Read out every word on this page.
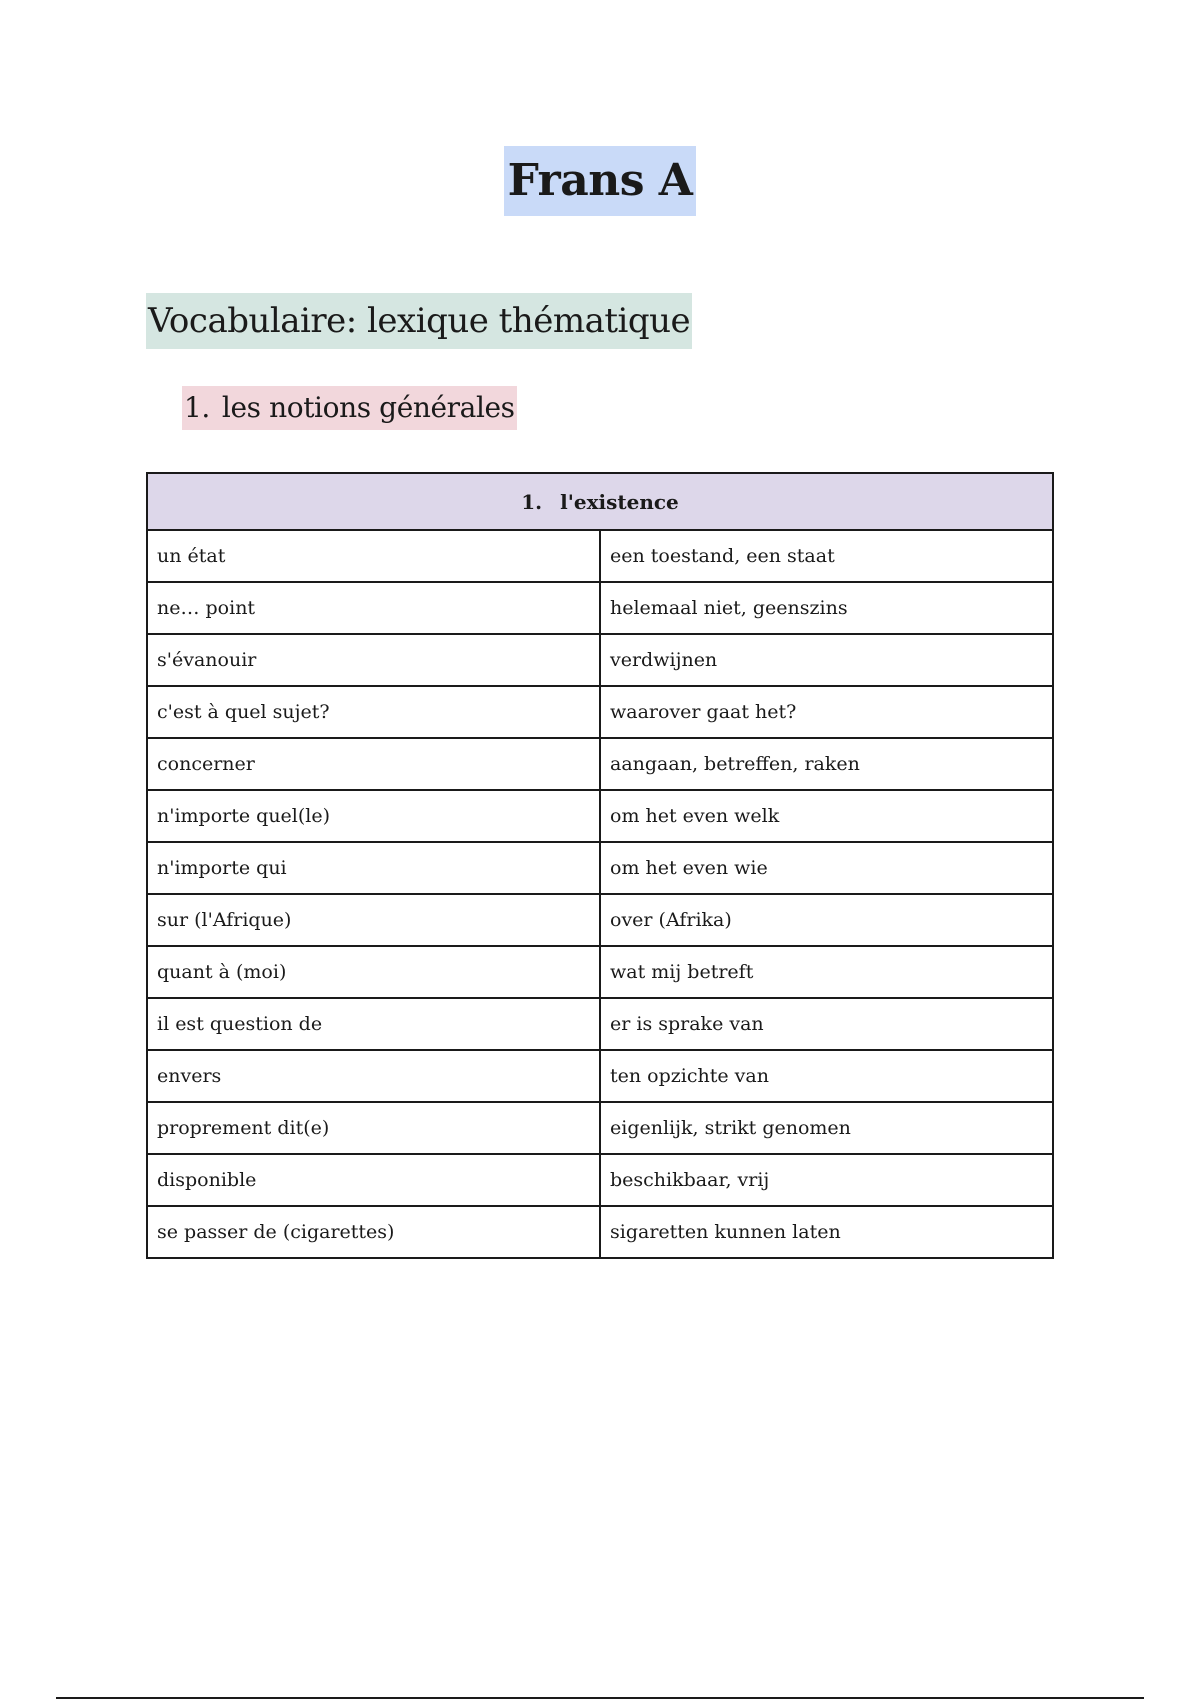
Frans A
Vocabulaire: lexique thématique
1. les notions générales
1. l'existence	
un état	een toestand, een staat
ne… point	helemaal niet, geenszins
s'évanouir	verdwijnen
c'est à quel sujet?	waarover gaat het?
concerner	aangaan, betreffen, raken
n'importe quel(le)	om het even welk
n'importe qui	om het even wie
sur (l'Afrique)	over (Afrika)
quant à (moi)	wat mij betreft
il est question de	er is sprake van
envers	ten opzichte van
proprement dit(e)	eigenlijk, strikt genomen
disponible	beschikbaar, vrij
se passer de (cigarettes)	sigaretten kunnen laten
